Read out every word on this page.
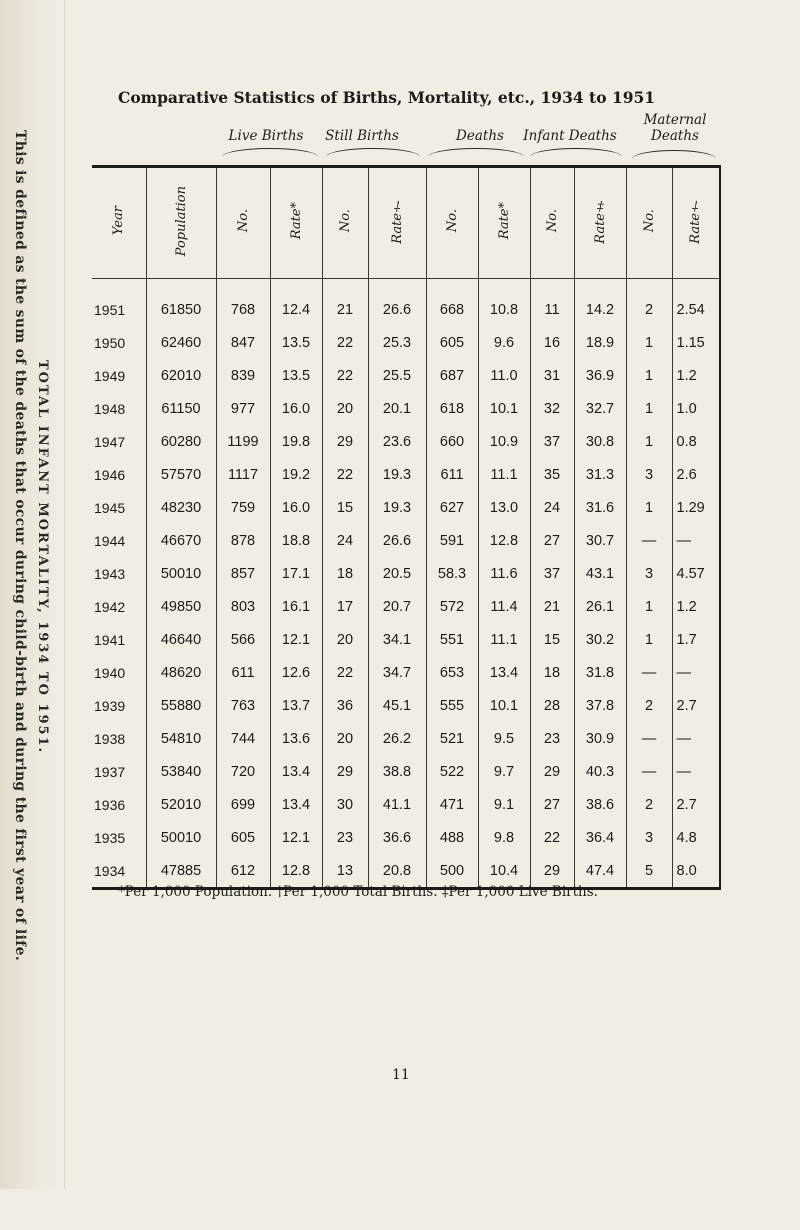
TOTAL INFANT MORTALITY, 1934 TO 1951.
This is defined as the sum of the deaths that occur during child-birth and during the first year of life.
Comparative Statistics of Births, Mortality, etc., 1934 to 1951
Live Births	Still Births	Deaths	Infant Deaths
Maternal Deaths
Year	Population	No.	Rate*	No.	Rate†	No.	Rate*	No.	Rate‡	No.	Rate†
1951	61850	768	12.4	21	26.6	668	10.8	11	14.2	2	2.54
1950	62460	847	13.5	22	25.3	605	9.6	16	18.9	1	1.15
1949	62010	839	13.5	22	25.5	687	11.0	31	36.9	1	1.2
1948	61150	977	16.0	20	20.1	618	10.1	32	32.7	1	1.0
1947	60280	1199	19.8	29	23.6	660	10.9	37	30.8	1	0.8
1946	57570	1117	19.2	22	19.3	611	11.1	35	31.3	3	2.6
1945	48230	759	16.0	15	19.3	627	13.0	24	31.6	1	1.29
1944	46670	878	18.8	24	26.6	591	12.8	27	30.7	—	—
1943	50010	857	17.1	18	20.5	58.3	11.6	37	43.1	3	4.57
1942	49850	803	16.1	17	20.7	572	11.4	21	26.1	1	1.2
1941	46640	566	12.1	20	34.1	551	11.1	15	30.2	1	1.7
1940	48620	611	12.6	22	34.7	653	13.4	18	31.8	—	—
1939	55880	763	13.7	36	45.1	555	10.1	28	37.8	2	2.7
1938	54810	744	13.6	20	26.2	521	9.5	23	30.9	—	—
1937	53840	720	13.4	29	38.8	522	9.7	29	40.3	—	—
1936	52010	699	13.4	30	41.1	471	9.1	27	38.6	2	2.7
1935	50010	605	12.1	23	36.6	488	9.8	22	36.4	3	4.8
1934	47885	612	12.8	13	20.8	500	10.4	29	47.4	5	8.0
*Per 1,000 Population. †Per 1,000 Total Births. ‡Per 1,000 Live Births.
11
